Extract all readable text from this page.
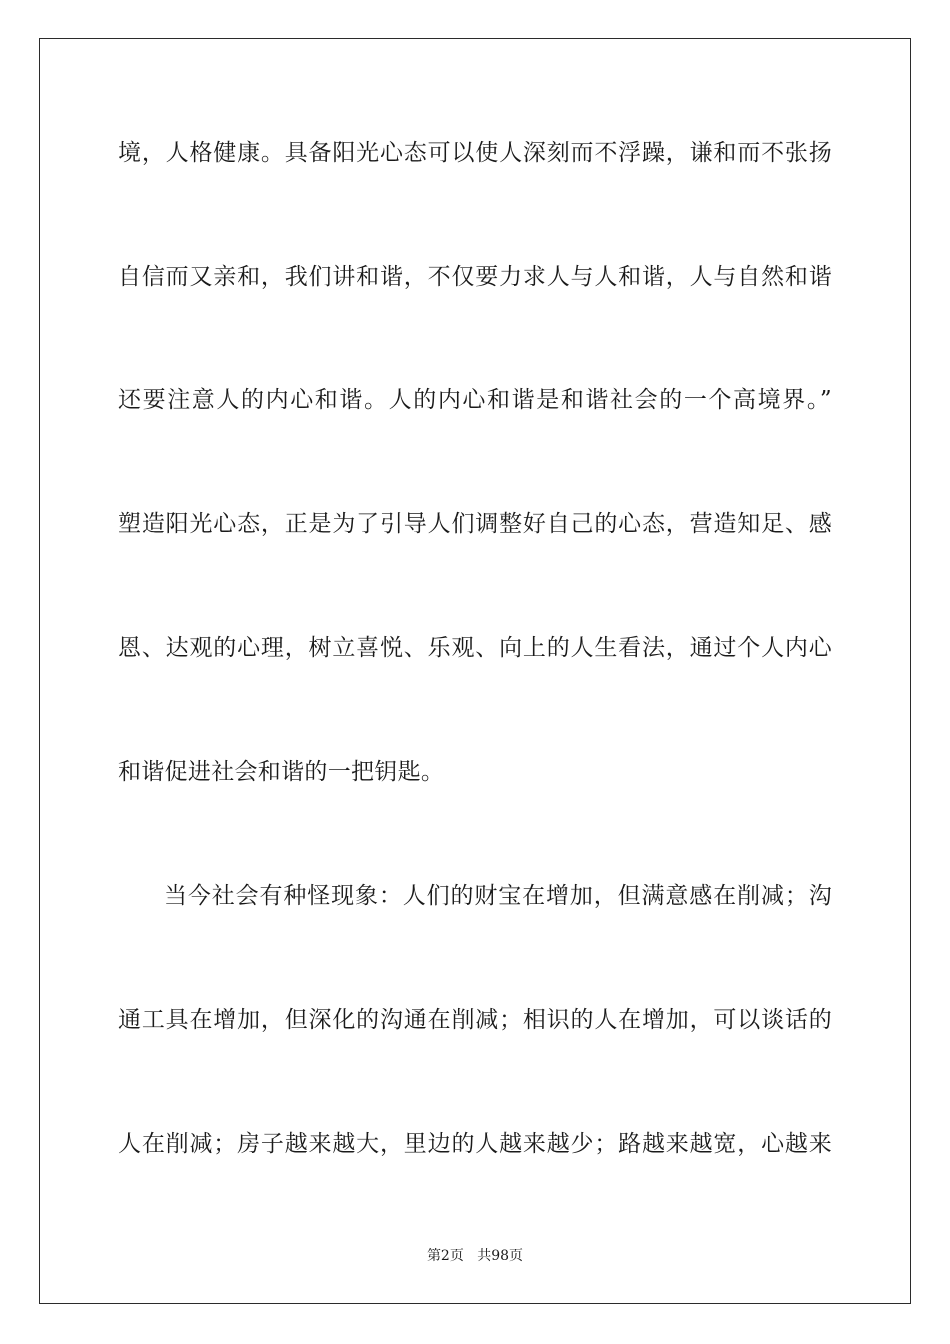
境，人格健康。具备阳光心态可以使人深刻而不浮躁，谦和而不张扬
自信而又亲和，我们讲和谐，不仅要力求人与人和谐，人与自然和谐
还要注意人的内心和谐。人的内心和谐是和谐社会的一个高境界。”
塑造阳光心态，正是为了引导人们调整好自己的心态，营造知足、感
恩、达观的心理，树立喜悦、乐观、向上的人生看法，通过个人内心
和谐促进社会和谐的一把钥匙。
当今社会有种怪现象：人们的财宝在增加，但满意感在削减；沟
通工具在增加，但深化的沟通在削减；相识的人在增加，可以谈话的
人在削减；房子越来越大，里边的人越来越少；路越来越宽，心越来
第2页 共98页
